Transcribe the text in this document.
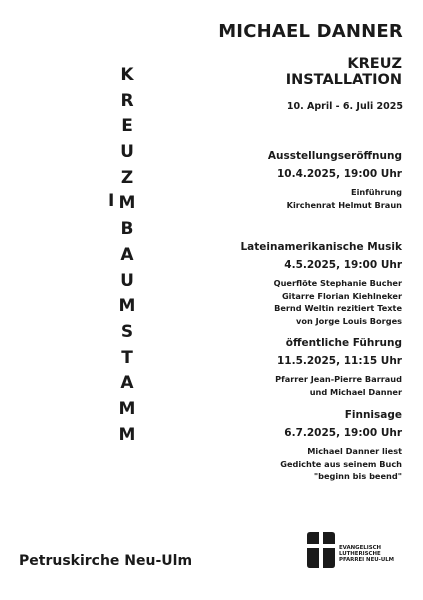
MICHAEL DANNER
KREUZ
INSTALLATION
10. April - 6. Juli 2025
K
R
E
U
Z
M
B
A
U
M
S
T
A
M
M
I
Ausstellungseröffnung
10.4.2025, 19:00 Uhr
Einführung
Kirchenrat Helmut Braun
Lateinamerikanische Musik
4.5.2025, 19:00 Uhr
Querflöte Stephanie Bucher
Gitarre Florian Kiehlneker
Bernd Weltin rezitiert Texte
von Jorge Louis Borges
öffentliche Führung
11.5.2025, 11:15 Uhr
Pfarrer Jean-Pierre Barraud
und Michael Danner
Finnisage
6.7.2025, 19:00 Uhr
Michael Danner liest
Gedichte aus seinem Buch
"beginn bis beend"
Petruskirche Neu-Ulm
EVANGELISCH
LUTHERISCHE
PFARREI NEU-ULM
